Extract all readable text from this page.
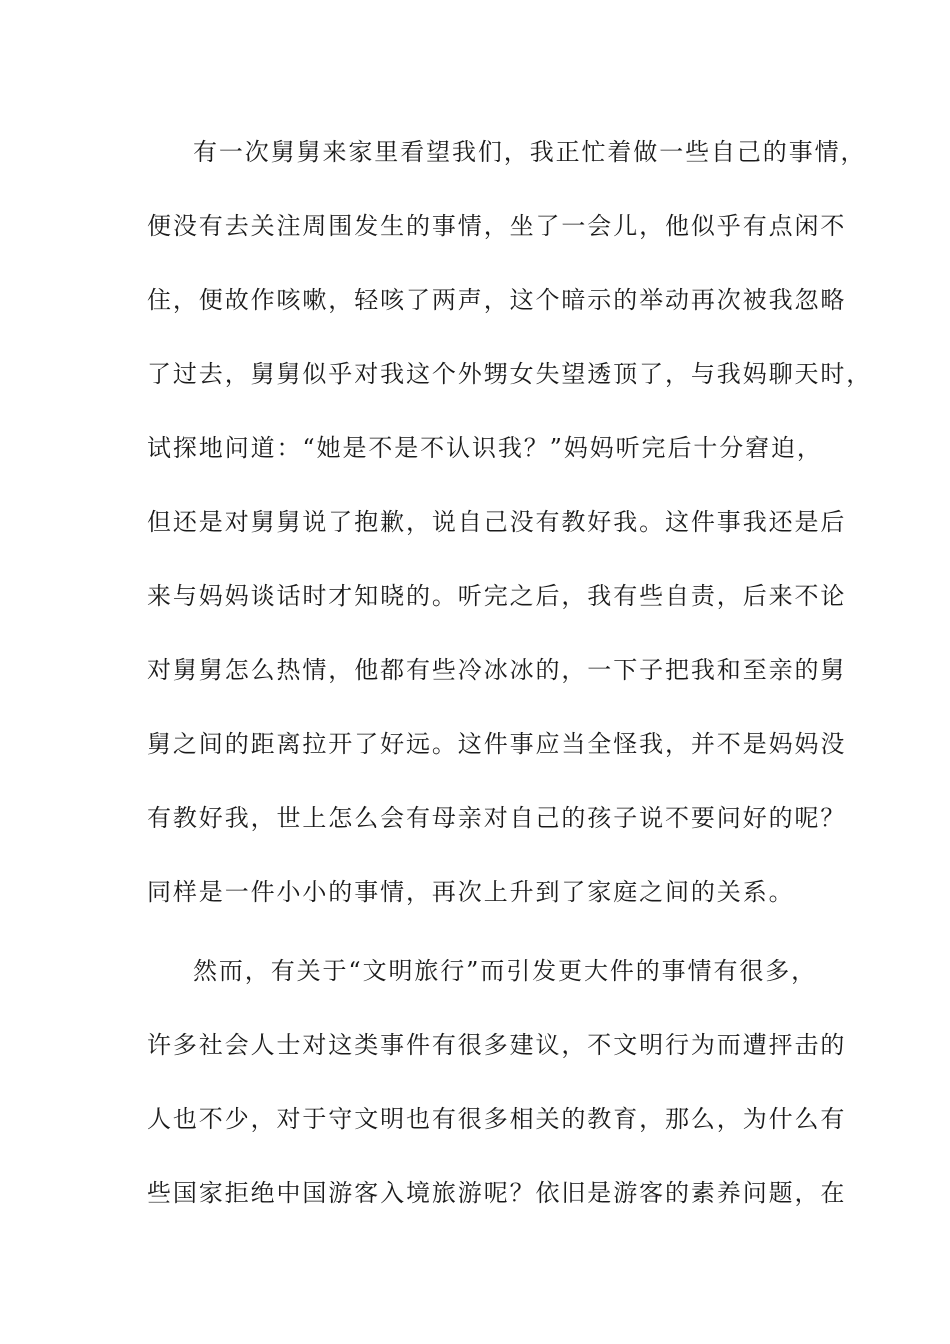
有一次舅舅来家里看望我们，我正忙着做一些自己的事情，
便没有去关注周围发生的事情，坐了一会儿，他似乎有点闲不
住，便故作咳嗽，轻咳了两声，这个暗示的举动再次被我忽略
了过去，舅舅似乎对我这个外甥女失望透顶了，与我妈聊天时，
试探地问道：“她是不是不认识我？”妈妈听完后十分窘迫，
但还是对舅舅说了抱歉，说自己没有教好我。这件事我还是后
来与妈妈谈话时才知晓的。听完之后，我有些自责，后来不论
对舅舅怎么热情，他都有些冷冰冰的，一下子把我和至亲的舅
舅之间的距离拉开了好远。这件事应当全怪我，并不是妈妈没
有教好我，世上怎么会有母亲对自己的孩子说不要问好的呢？
同样是一件小小的事情，再次上升到了家庭之间的关系。
然而，有关于“文明旅行”而引发更大件的事情有很多，
许多社会人士对这类事件有很多建议，不文明行为而遭抨击的
人也不少，对于守文明也有很多相关的教育，那么，为什么有
些国家拒绝中国游客入境旅游呢？依旧是游客的素养问题，在
